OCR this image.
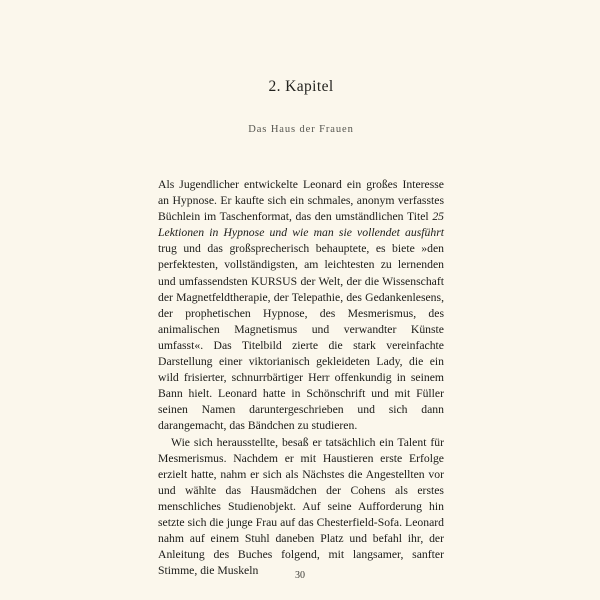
2. Kapitel
Das Haus der Frauen

Als Jugendlicher entwickelte Leonard ein großes Interesse an Hypnose. Er kaufte sich ein schmales, anonym verfasstes Büchlein im Taschenformat, das den umständlichen Titel 25 Lektionen in Hypnose und wie man sie vollendet ausführt trug und das großsprecherisch behauptete, es biete »den perfektesten, vollständigsten, am leichtesten zu lernenden und umfassendsten KURSUS der Welt, der die Wissenschaft der Magnetfeldtherapie, der Telepathie, des Gedankenlesens, der prophetischen Hypnose, des Mesmerismus, des animalischen Magnetismus und verwandter Künste umfasst«. Das Titelbild zierte die stark vereinfachte Darstellung einer viktorianisch gekleideten Lady, die ein wild frisierter, schnurrbärtiger Herr offenkundig in seinem Bann hielt. Leonard hatte in Schönschrift und mit Füller seinen Namen daruntergeschrieben und sich dann darangemacht, das Bändchen zu studieren.

Wie sich herausstellte, besaß er tatsächlich ein Talent für Mesmerismus. Nachdem er mit Haustieren erste Erfolge erzielt hatte, nahm er sich als Nächstes die Angestellten vor und wählte das Hausmädchen der Cohens als erstes menschliches Studienobjekt. Auf seine Aufforderung hin setzte sich die junge Frau auf das Chesterfield-Sofa. Leonard nahm auf einem Stuhl daneben Platz und befahl ihr, der Anleitung des Buches folgend, mit langsamer, sanfter Stimme, die Muskeln	30
